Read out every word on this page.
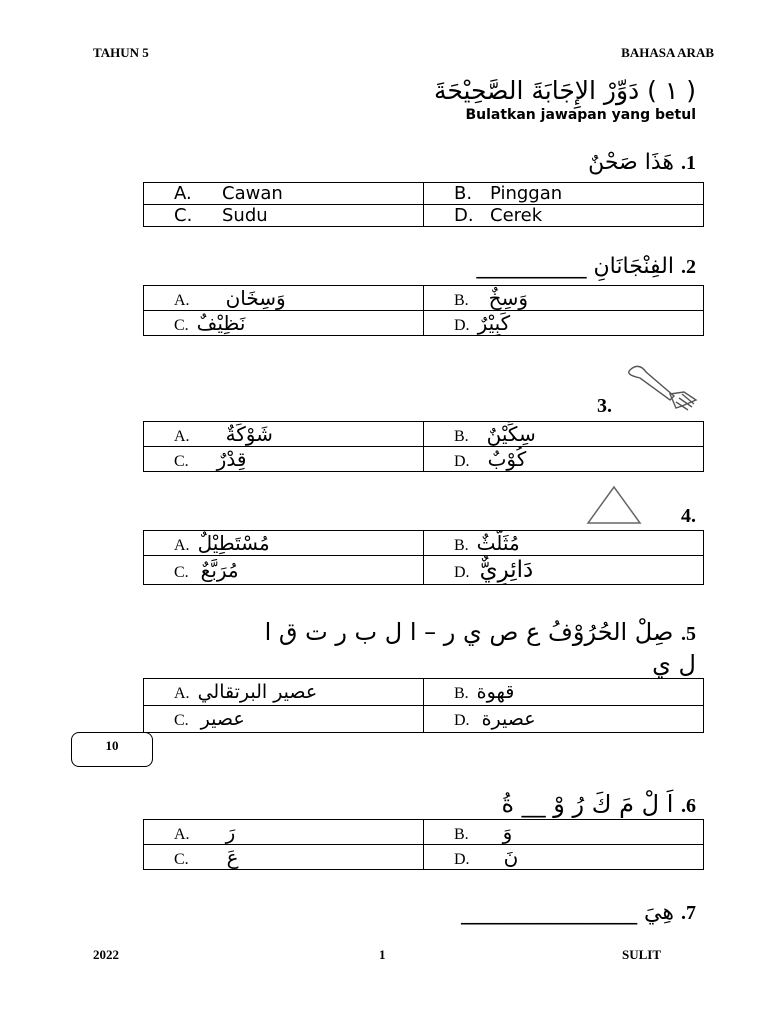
TAHUN 5	BAHASA ARAB
( ١ ) دَوِّرْ الإِجَابَةَ الصَّحِيْحَةَ
Bulatkan jawapan yang betul
1. هَذَا صَحْنٌ
A. Cawan	B. Pinggan
C. Sudu	D. Cerek
2. الفِنْجَانَانِ __________
A. وَسِخَانِ	B. وَسِخٌ
C. نَظِيْفٌ	D. كَبِيْرٌ
3.
A. شَوْكَةٌ	B. سِكِّيْنٌ
C. قِدْرٌ	D. كُوْبٌ
4.
A. مُسْتَطِيْلٌ	B. مُثَلَّثٌ
C. مُرَبَّعٌ	D. دَائِرِيٌّ
5. صِلْ الحُرُوْفُ ع ص ي ر – ا ل ب ر ت ق ا
ل ي
A. عصير البرتقالي	B. قهوة
C. عصير	D. عصيرة
10
6. اَ لْ مَ كَ رُ وْ __ ةُ
A. رَ	B. وَ
C. عَ	D. نَ
7. هِيَ ________________
2022	1	SULIT
